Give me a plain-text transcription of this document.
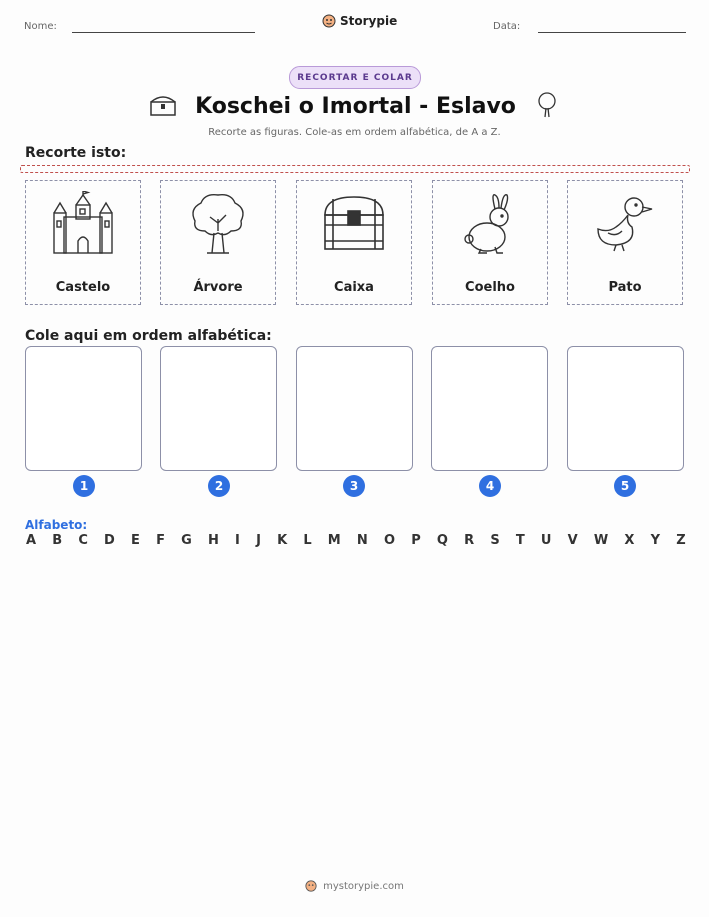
Nome:	Storypie	Data:
RECORTAR E COLAR
Koschei o Imortal - Eslavo
Recorte as figuras. Cole-as em ordem alfabética, de A a Z.
Recorte isto:
Castelo	Árvore	Caixa	Coelho	Pato
Cole aqui em ordem alfabética:
1	2	3	4	5
Alfabeto:
A B C D E F G H I J K L M N O P Q R S T U V W X Y Z
mystorypie.com
